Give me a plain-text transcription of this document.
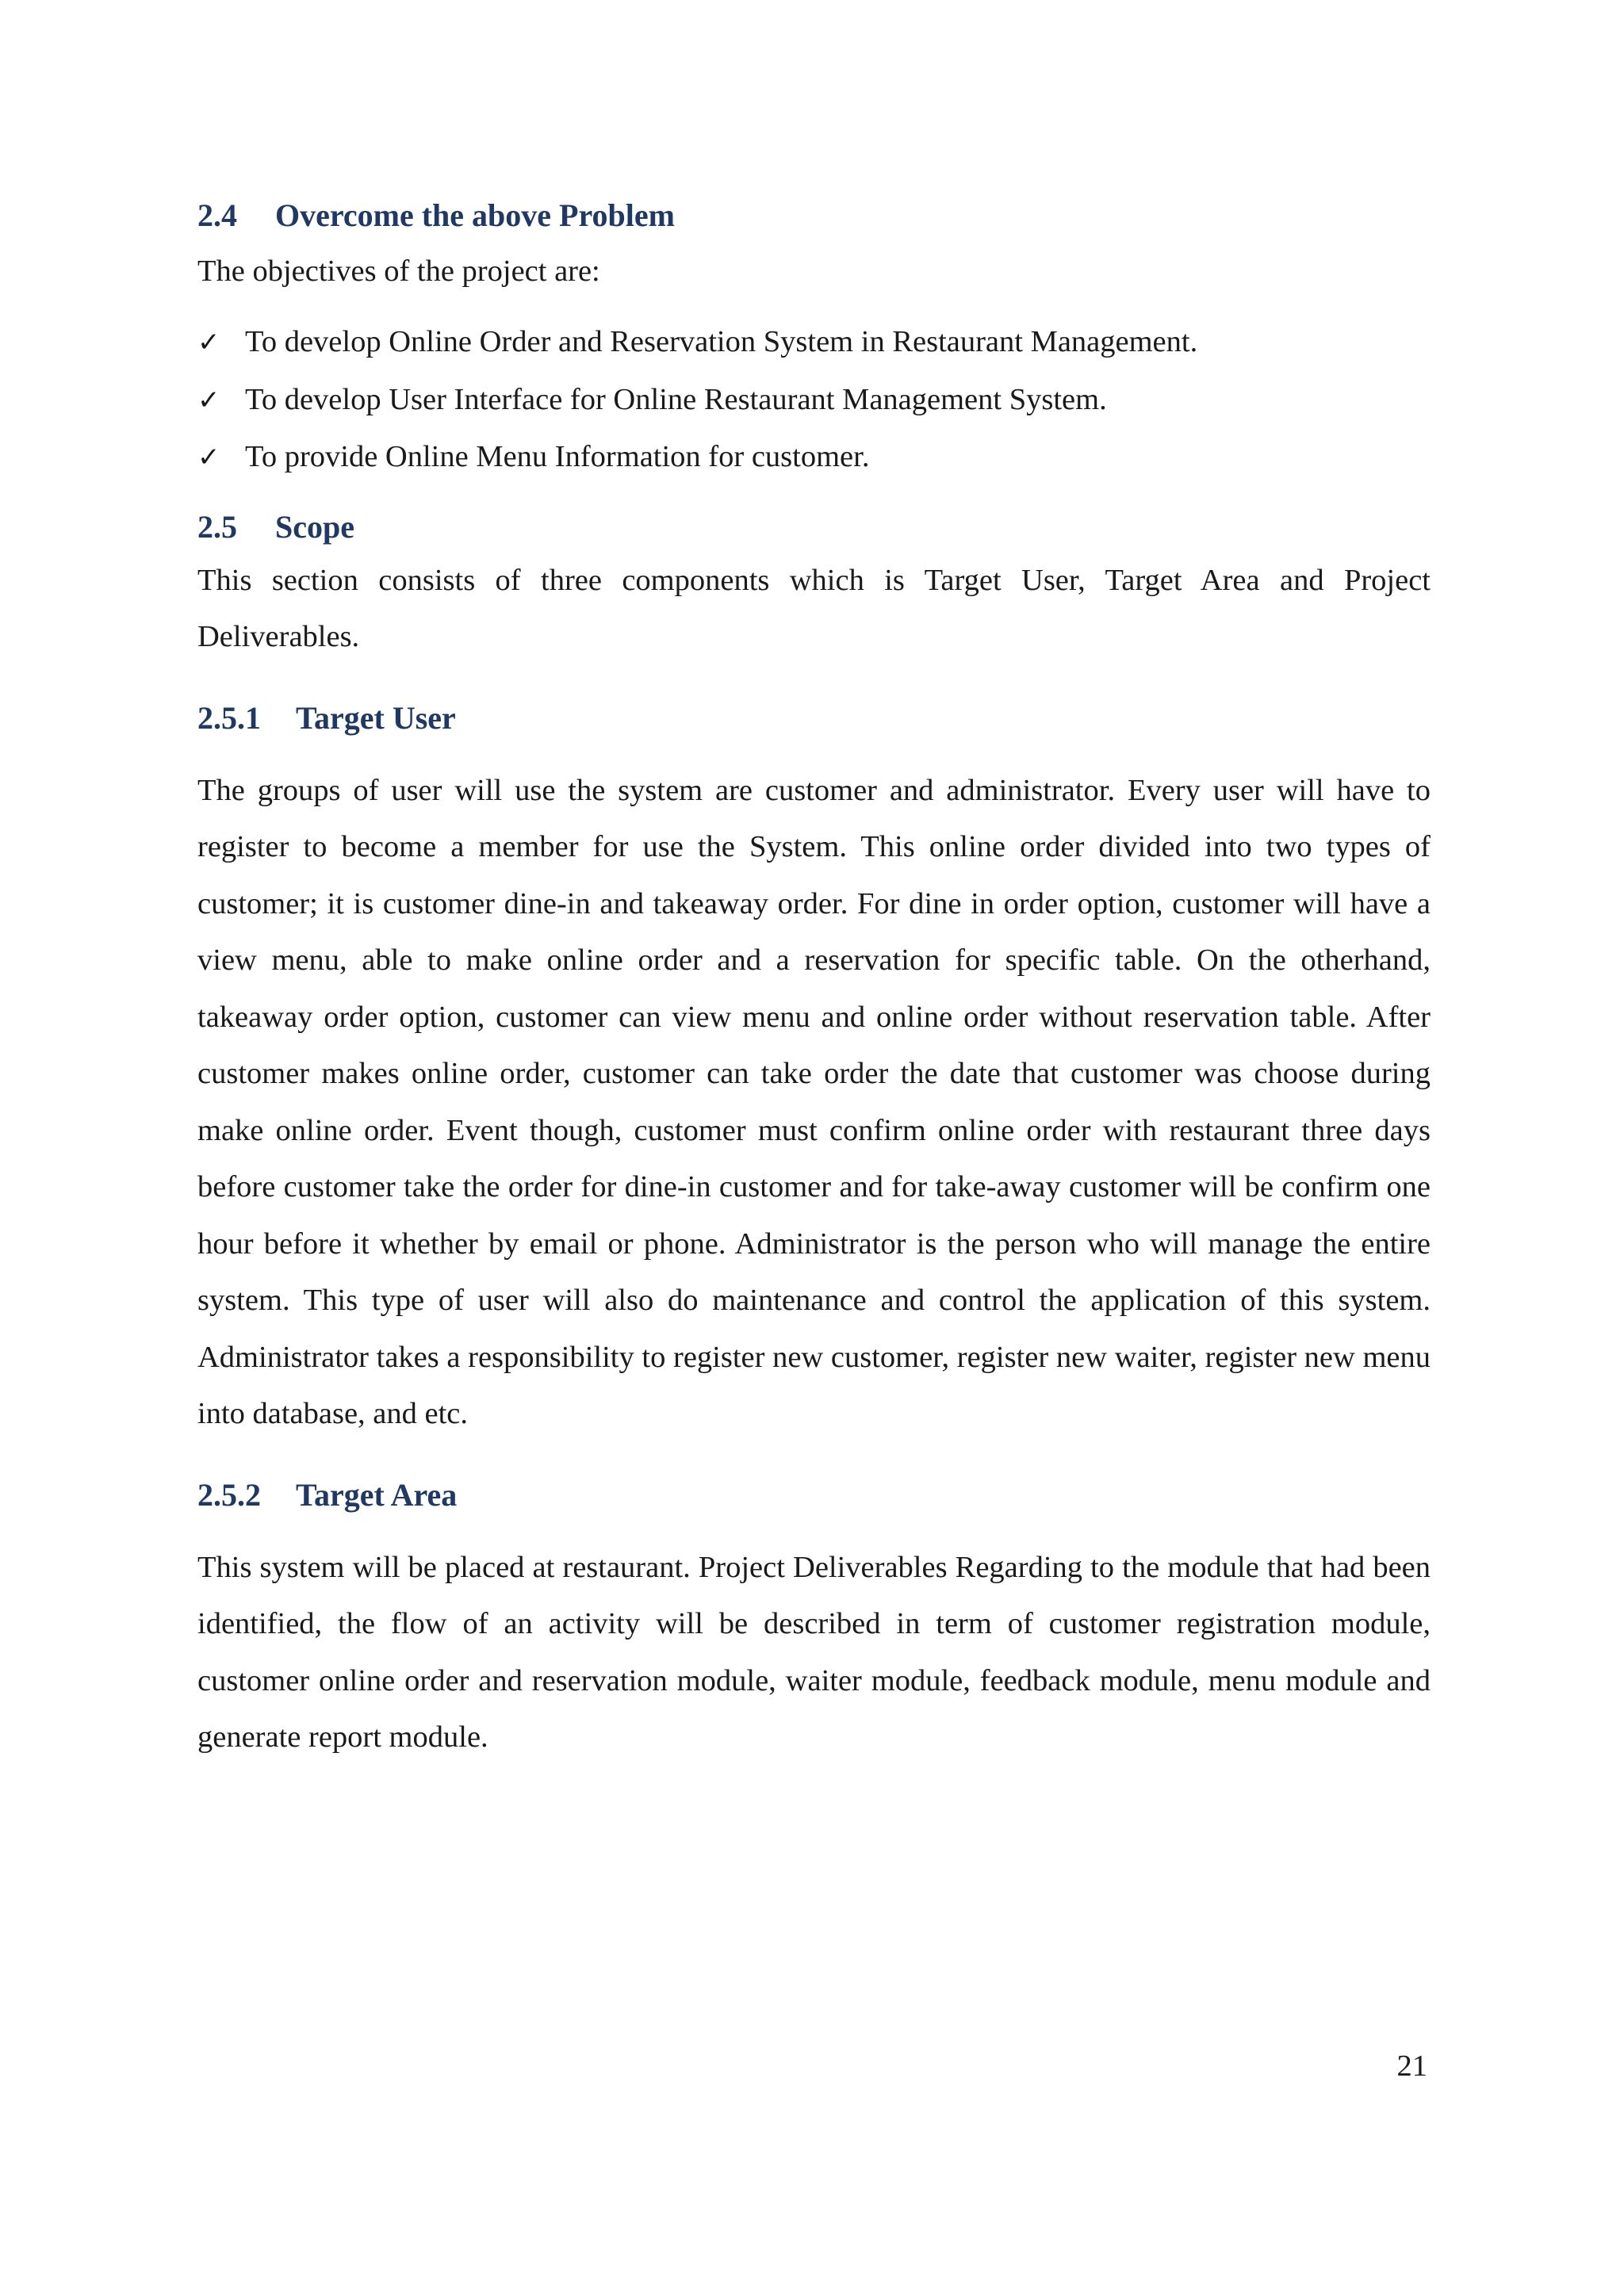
2.4	Overcome the above Problem

The objectives of the project are:

✓ To develop Online Order and Reservation System in Restaurant Management.
✓ To develop User Interface for Online Restaurant Management System.
✓ To provide Online Menu Information for customer.
2.5	Scope

This section consists of three components which is Target User, Target Area and Project Deliverables.

2.5.1	Target User

The groups of user will use the system are customer and administrator. Every user will have to register to become a member for use the System. This online order divided into two types of customer; it is customer dine-in and takeaway order. For dine in order option, customer will have a view menu, able to make online order and a reservation for specific table. On the otherhand, takeaway order option, customer can view menu and online order without reservation table. After customer makes online order, customer can take order the date that customer was choose during make online order. Event though, customer must confirm online order with restaurant three days before customer take the order for dine-in customer and for take-away customer will be confirm one hour before it whether by email or phone. Administrator is the person who will manage the entire system. This type of user will also do maintenance and control the application of this system. Administrator takes a responsibility to register new customer, register new waiter, register new menu into database, and etc.

2.5.2	Target Area

This system will be placed at restaurant. Project Deliverables Regarding to the module that had been identified, the flow of an activity will be described in term of customer registration module, customer online order and reservation module, waiter module, feedback module, menu module and generate report module.

21
